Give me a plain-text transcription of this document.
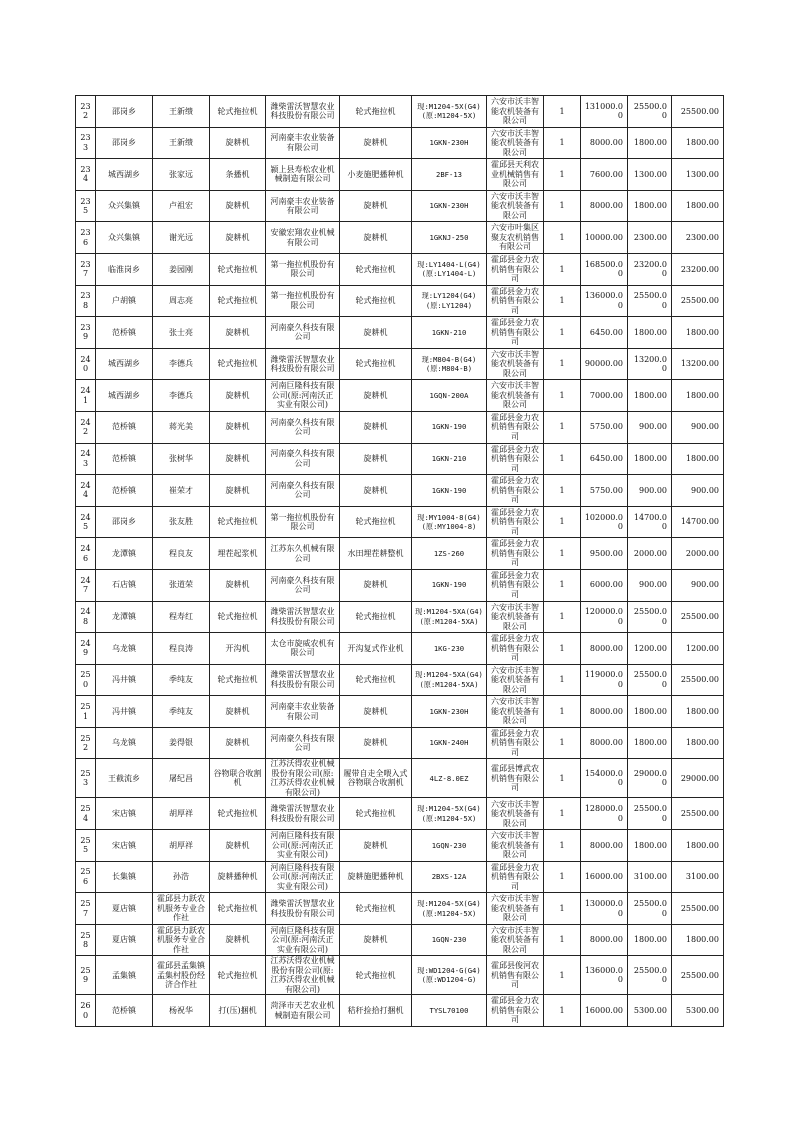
232	邵岗乡	王新缋	轮式拖拉机	潍柴雷沃智慧农业科技股份有限公司	轮式拖拉机	现:M1204-5X(G4)(原:M1204-5X)	六安市沃丰智能农机装备有限公司	1	131000.00	25500.00	25500.00
233	邵岗乡	王新缋	旋耕机	河南豪丰农业装备有限公司	旋耕机	1GKN-230H	六安市沃丰智能农机装备有限公司	1	8000.00	1800.00	1800.00
234	城西湖乡	张家远	条播机	颍上县寿松农业机械制造有限公司	小麦施肥播种机	2BF-13	霍邱县天利农业机械销售有限公司	1	7600.00	1300.00	1300.00
235	众兴集镇	卢祖宏	旋耕机	河南豪丰农业装备有限公司	旋耕机	1GKN-230H	六安市沃丰智能农机装备有限公司	1	8000.00	1800.00	1800.00
236	众兴集镇	谢光远	旋耕机	安徽宏翔农业机械有限公司	旋耕机	1GKNJ-250	六安市叶集区聚友农机销售有限公司	1	10000.00	2300.00	2300.00
237	临淮岗乡	姜园刚	轮式拖拉机	第一拖拉机股份有限公司	轮式拖拉机	现:LY1404-L(G4)(原:LY1404-L)	霍邱县金力农机销售有限公司	1	168500.00	23200.00	23200.00
238	户胡镇	周志亮	轮式拖拉机	第一拖拉机股份有限公司	轮式拖拉机	现:LY1204(G4)(原:LY1204)	霍邱县金力农机销售有限公司	1	136000.00	25500.00	25500.00
239	范桥镇	张士亮	旋耕机	河南豪久科技有限公司	旋耕机	1GKN-210	霍邱县金力农机销售有限公司	1	6450.00	1800.00	1800.00
240	城西湖乡	李德兵	轮式拖拉机	潍柴雷沃智慧农业科技股份有限公司	轮式拖拉机	现:M804-B(G4)(原:M804-B)	六安市沃丰智能农机装备有限公司	1	90000.00	13200.00	13200.00
241	城西湖乡	李德兵	旋耕机	河南巨隆科技有限公司(原:河南沃正实业有限公司)	旋耕机	1GQN-200A	六安市沃丰智能农机装备有限公司	1	7000.00	1800.00	1800.00
242	范桥镇	蒋光美	旋耕机	河南豪久科技有限公司	旋耕机	1GKN-190	霍邱县金力农机销售有限公司	1	5750.00	900.00	900.00
243	范桥镇	张树华	旋耕机	河南豪久科技有限公司	旋耕机	1GKN-210	霍邱县金力农机销售有限公司	1	6450.00	1800.00	1800.00
244	范桥镇	崔荣才	旋耕机	河南豪久科技有限公司	旋耕机	1GKN-190	霍邱县金力农机销售有限公司	1	5750.00	900.00	900.00
245	邵岗乡	张友胜	轮式拖拉机	第一拖拉机股份有限公司	轮式拖拉机	现:MY1004-8(G4)(原:MY1004-8)	霍邱县金力农机销售有限公司	1	102000.00	14700.00	14700.00
246	龙潭镇	程良友	埋茬起浆机	江苏东久机械有限公司	水田埋茬耕整机	1ZS-260	霍邱县金力农机销售有限公司	1	9500.00	2000.00	2000.00
247	石店镇	张道荣	旋耕机	河南豪久科技有限公司	旋耕机	1GKN-190	霍邱县金力农机销售有限公司	1	6000.00	900.00	900.00
248	龙潭镇	程寿红	轮式拖拉机	潍柴雷沃智慧农业科技股份有限公司	轮式拖拉机	现:M1204-5XA(G4)(原:M1204-5XA)	六安市沃丰智能农机装备有限公司	1	120000.00	25500.00	25500.00
249	乌龙镇	程良涛	开沟机	太仓市旋威农机有限公司	开沟复式作业机	1KG-230	霍邱县金力农机销售有限公司	1	8000.00	1200.00	1200.00
250	冯井镇	季纯友	轮式拖拉机	潍柴雷沃智慧农业科技股份有限公司	轮式拖拉机	现:M1204-5XA(G4)(原:M1204-5XA)	六安市沃丰智能农机装备有限公司	1	119000.00	25500.00	25500.00
251	冯井镇	季纯友	旋耕机	河南豪丰农业装备有限公司	旋耕机	1GKN-230H	六安市沃丰智能农机装备有限公司	1	8000.00	1800.00	1800.00
252	乌龙镇	姜得银	旋耕机	河南豪久科技有限公司	旋耕机	1GKN-240H	霍邱县金力农机销售有限公司	1	8000.00	1800.00	1800.00
253	王截流乡	屠纪昌	谷物联合收割机	江苏沃得农业机械股份有限公司(原:江苏沃得农业机械有限公司)	履带自走全喂入式谷物联合收割机	4LZ-8.0EZ	霍邱县博武农机销售有限公司	1	154000.00	29000.00	29000.00
254	宋店镇	胡厚祥	轮式拖拉机	潍柴雷沃智慧农业科技股份有限公司	轮式拖拉机	现:M1204-5X(G4)(原:M1204-5X)	六安市沃丰智能农机装备有限公司	1	128000.00	25500.00	25500.00
255	宋店镇	胡厚祥	旋耕机	河南巨隆科技有限公司(原:河南沃正实业有限公司)	旋耕机	1GQN-230	六安市沃丰智能农机装备有限公司	1	8000.00	1800.00	1800.00
256	长集镇	孙浩	旋耕播种机	河南巨隆科技有限公司(原:河南沃正实业有限公司)	旋耕施肥播种机	2BXS-12A	霍邱县金力农机销售有限公司	1	16000.00	3100.00	3100.00
257	夏店镇	霍邱县力跃农机服务专业合作社	轮式拖拉机	潍柴雷沃智慧农业科技股份有限公司	轮式拖拉机	现:M1204-5X(G4)(原:M1204-5X)	六安市沃丰智能农机装备有限公司	1	130000.00	25500.00	25500.00
258	夏店镇	霍邱县力跃农机服务专业合作社	旋耕机	河南巨隆科技有限公司(原:河南沃正实业有限公司)	旋耕机	1GQN-230	六安市沃丰智能农机装备有限公司	1	8000.00	1800.00	1800.00
259	孟集镇	霍邱县孟集镇孟集村股份经济合作社	轮式拖拉机	江苏沃得农业机械股份有限公司(原:江苏沃得农业机械有限公司)	轮式拖拉机	现:WD1204-G(G4)(原:WD1204-G)	霍邱县俊河农机销售有限公司	1	136000.00	25500.00	25500.00
260	范桥镇	杨祝华	打(压)捆机	菏泽市天艺农业机械制造有限公司	秸秆捡拾打捆机	TYSL70100	霍邱县金力农机销售有限公司	1	16000.00	5300.00	5300.00
